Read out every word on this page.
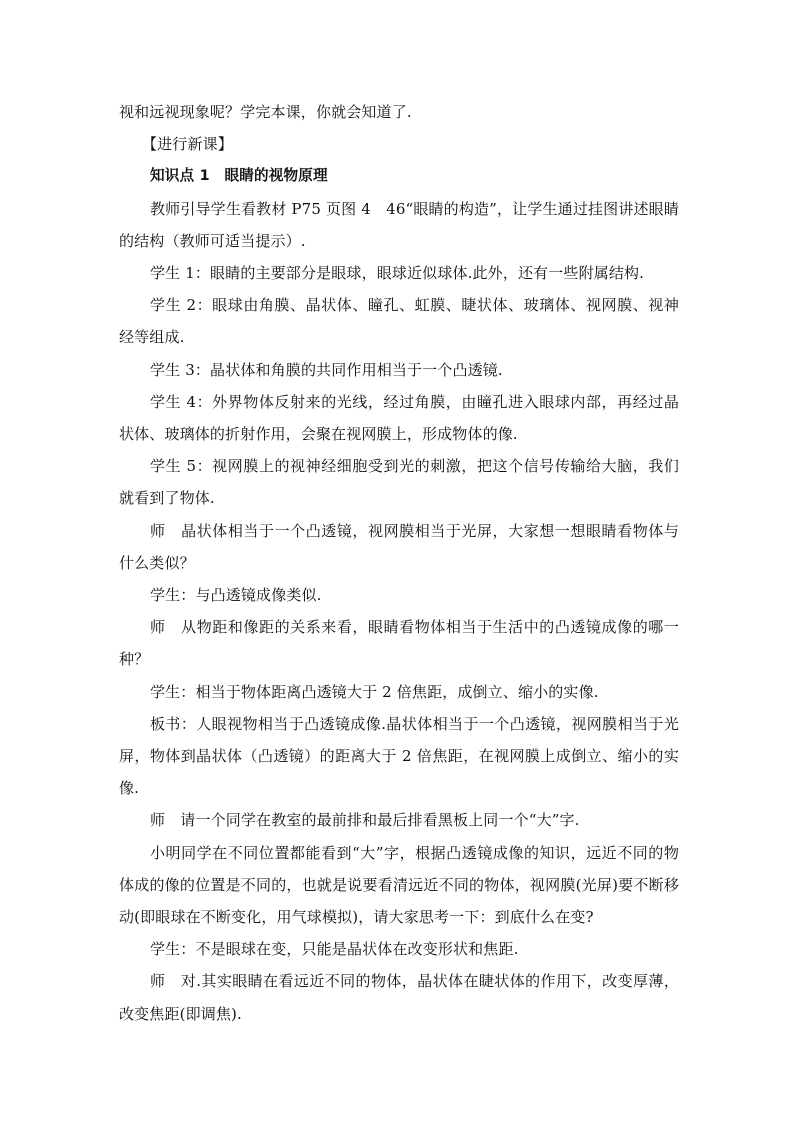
视和远视现象呢？学完本课，你就会知道了.

【进行新课】

知识点 1　眼睛的视物原理

教师引导学生看教材 P75 页图 4　46“眼睛的构造”，让学生通过挂图讲述眼睛的结构（教师可适当提示）.

学生 1：眼睛的主要部分是眼球，眼球近似球体.此外，还有一些附属结构.

学生 2：眼球由角膜、晶状体、瞳孔、虹膜、睫状体、玻璃体、视网膜、视神经等组成.

学生 3：晶状体和角膜的共同作用相当于一个凸透镜.

学生 4：外界物体反射来的光线，经过角膜，由瞳孔进入眼球内部，再经过晶状体、玻璃体的折射作用，会聚在视网膜上，形成物体的像.

学生 5：视网膜上的视神经细胞受到光的刺激，把这个信号传输给大脑，我们就看到了物体.

师　晶状体相当于一个凸透镜，视网膜相当于光屏，大家想一想眼睛看物体与什么类似？

学生：与凸透镜成像类似.

师　从物距和像距的关系来看，眼睛看物体相当于生活中的凸透镜成像的哪一种？

学生：相当于物体距离凸透镜大于 2 倍焦距，成倒立、缩小的实像.

板书：人眼视物相当于凸透镜成像.晶状体相当于一个凸透镜，视网膜相当于光屏，物体到晶状体（凸透镜）的距离大于 2 倍焦距，在视网膜上成倒立、缩小的实像.

师　请一个同学在教室的最前排和最后排看黑板上同一个“大”字.

小明同学在不同位置都能看到“大”字，根据凸透镜成像的知识，远近不同的物体成的像的位置是不同的，也就是说要看清远近不同的物体，视网膜(光屏)要不断移动(即眼球在不断变化，用气球模拟)，请大家思考一下：到底什么在变?

学生：不是眼球在变，只能是晶状体在改变形状和焦距.

师　对.其实眼睛在看远近不同的物体，晶状体在睫状体的作用下，改变厚薄，改变焦距(即调焦).
